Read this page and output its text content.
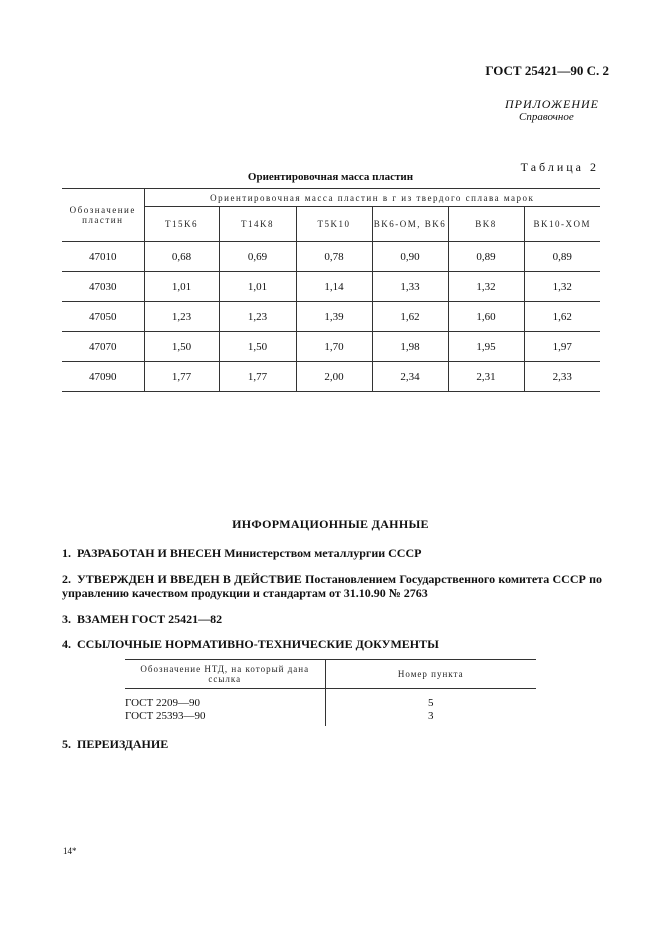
ГОСТ 25421—90 С. 2
ПРИЛОЖЕНИЕ
Справочное
Таблица 2
Ориентировочная масса пластин
Обозначение пластин	Ориентировочная масса пластин в г из твердого сплава марок					
	T15K6	T14K8	T5K10	BK6-OM, BK6	BK8	BK10-XOM
47010	0,68	0,69	0,78	0,90	0,89	0,89
47030	1,01	1,01	1,14	1,33	1,32	1,32
47050	1,23	1,23	1,39	1,62	1,60	1,62
47070	1,50	1,50	1,70	1,98	1,95	1,97
47090	1,77	1,77	2,00	2,34	2,31	2,33
ИНФОРМАЦИОННЫЕ ДАННЫЕ
1. РАЗРАБОТАН И ВНЕСЕН Министерством металлургии СССР
2. УТВЕРЖДЕН И ВВЕДЕН В ДЕЙСТВИЕ Постановлением Государственного комитета СССР по управлению качеством продукции и стандартам от 31.10.90 № 2763
3. ВЗАМЕН ГОСТ 25421—82
4. ССЫЛОЧНЫЕ НОРМАТИВНО-ТЕХНИЧЕСКИЕ ДОКУМЕНТЫ
Обозначение НТД, на который дана ссылка	Номер пункта
ГОСТ 2209—90	5
ГОСТ 25393—90	3
5. ПЕРЕИЗДАНИЕ
14*
